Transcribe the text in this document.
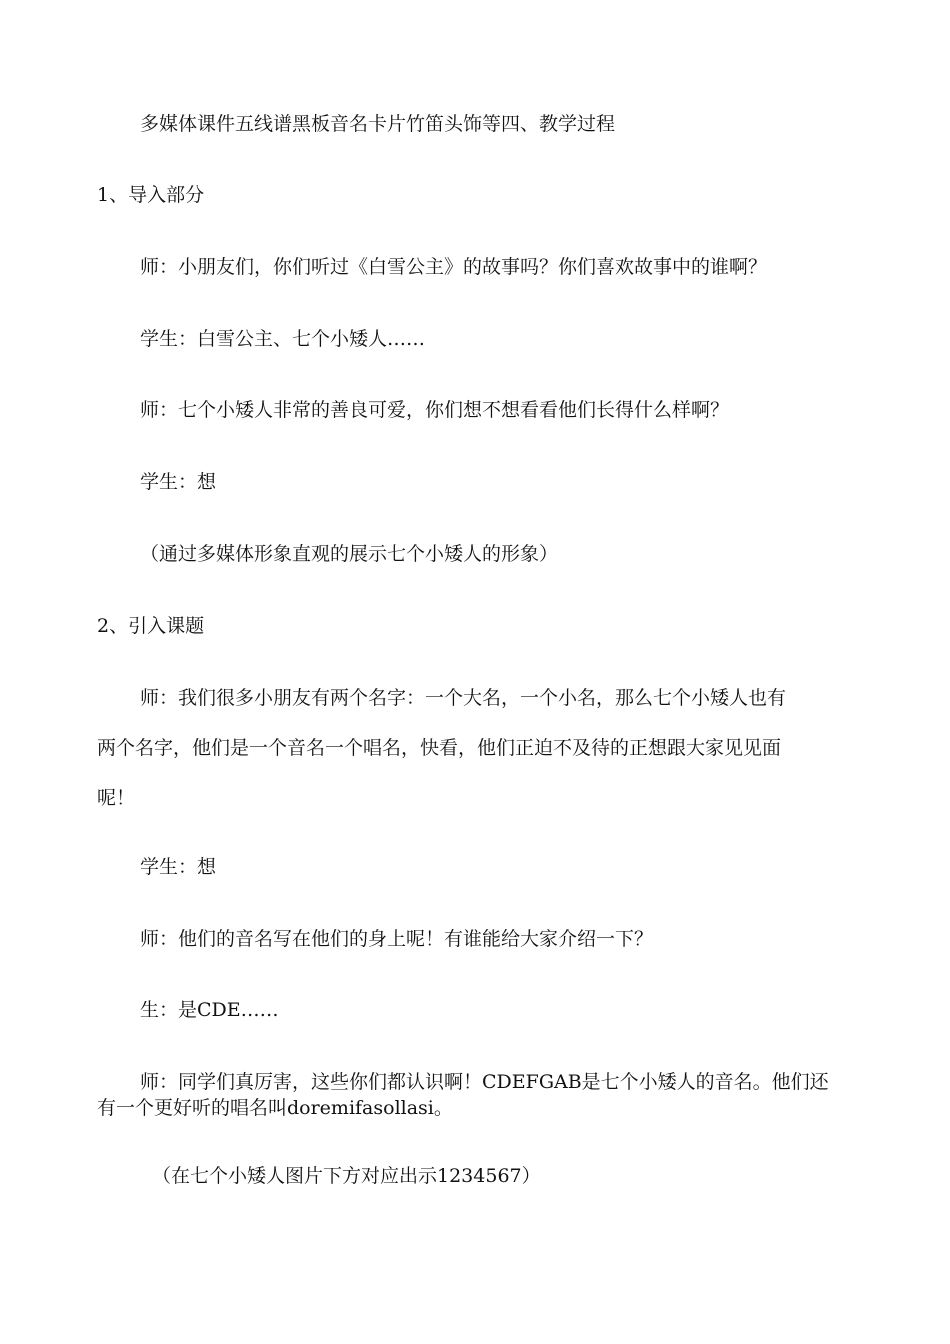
多媒体课件五线谱黑板音名卡片竹笛头饰等四、教学过程
1、导入部分
师：小朋友们，你们听过《白雪公主》的故事吗？你们喜欢故事中的谁啊？
学生：白雪公主、七个小矮人……
师：七个小矮人非常的善良可爱，你们想不想看看他们长得什么样啊？
学生：想
（通过多媒体形象直观的展示七个小矮人的形象）
2、引入课题
师：我们很多小朋友有两个名字：一个大名，一个小名，那么七个小矮人也有
两个名字，他们是一个音名一个唱名，快看，他们正迫不及待的正想跟大家见见面
呢！
学生：想
师：他们的音名写在他们的身上呢！有谁能给大家介绍一下？
生：是CDE……
师：同学们真厉害，这些你们都认识啊！CDEFGAB是七个小矮人的音名。他们还
有一个更好听的唱名叫doremifasollasi。
（在七个小矮人图片下方对应出示1234567）
